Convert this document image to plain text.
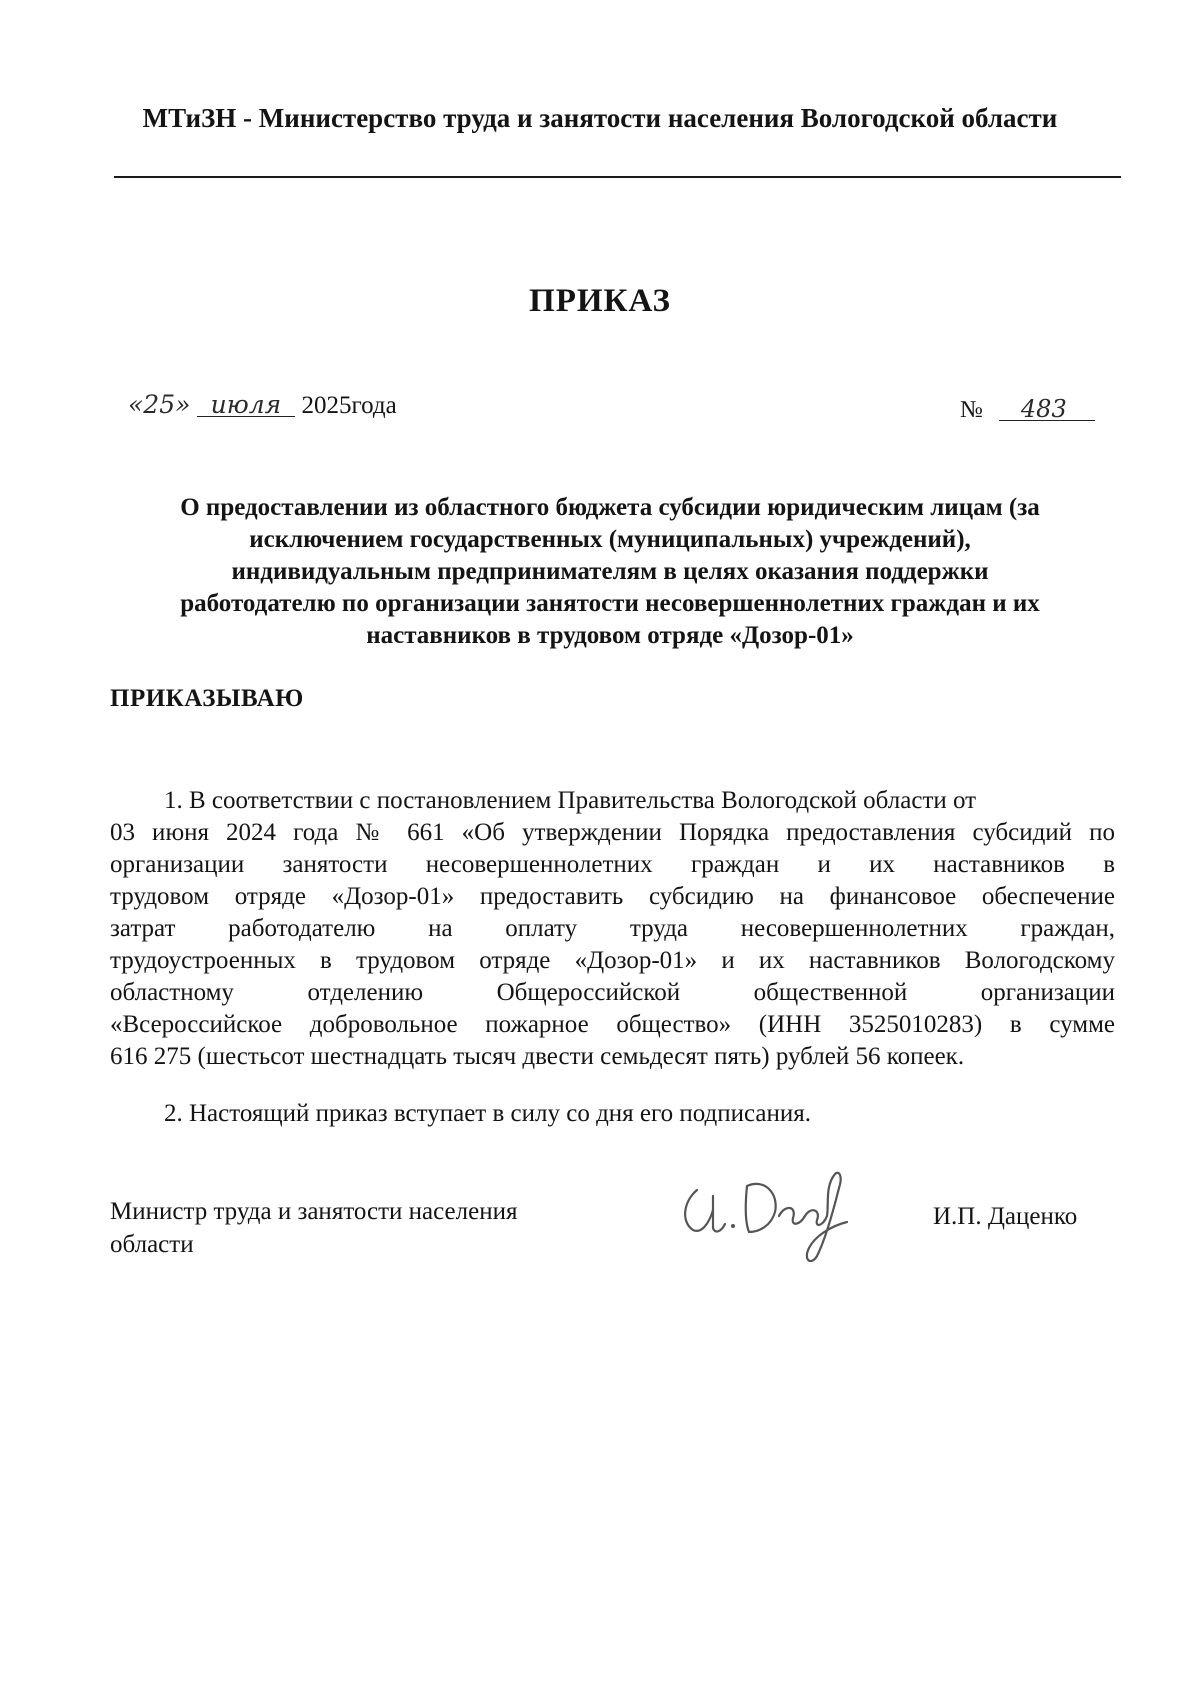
МТиЗН - Министерство труда и занятости населения Вологодской области
ПРИКАЗ
«25» июля 2025года	№ 483
О предоставлении из областного бюджета субсидии юридическим лицам (за
исключением государственных (муниципальных) учреждений),
индивидуальным предпринимателям в целях оказания поддержки
работодателю по организации занятости несовершеннолетних граждан и их
наставников в трудовом отряде «Дозор-01»
ПРИКАЗЫВАЮ
1. В соответствии с постановлением Правительства Вологодской области от
03 июня 2024 года № 661 «Об утверждении Порядка предоставления субсидий по
организации занятости несовершеннолетних граждан и их наставников в
трудовом отряде «Дозор-01» предоставить субсидию на финансовое обеспечение
затрат работодателю на оплату труда несовершеннолетних граждан,
трудоустроенных в трудовом отряде «Дозор-01» и их наставников Вологодскому
областному отделению Общероссийской общественной организации
«Всероссийское добровольное пожарное общество» (ИНН 3525010283) в сумме
616 275 (шестьсот шестнадцать тысяч двести семьдесят пять) рублей 56 копеек.
2. Настоящий приказ вступает в силу со дня его подписания.
Министр труда и занятости населения
области
И.П. Даценко
